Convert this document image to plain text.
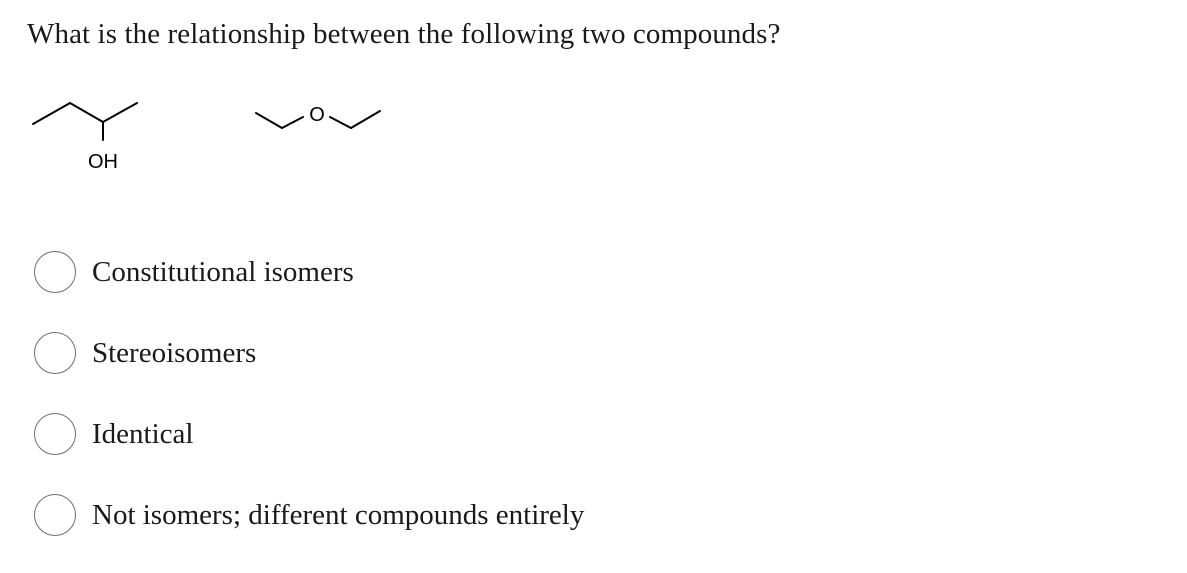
What is the relationship between the following two compounds?
OH
O
Constitutional isomers
Stereoisomers
Identical
Not isomers; different compounds entirely
